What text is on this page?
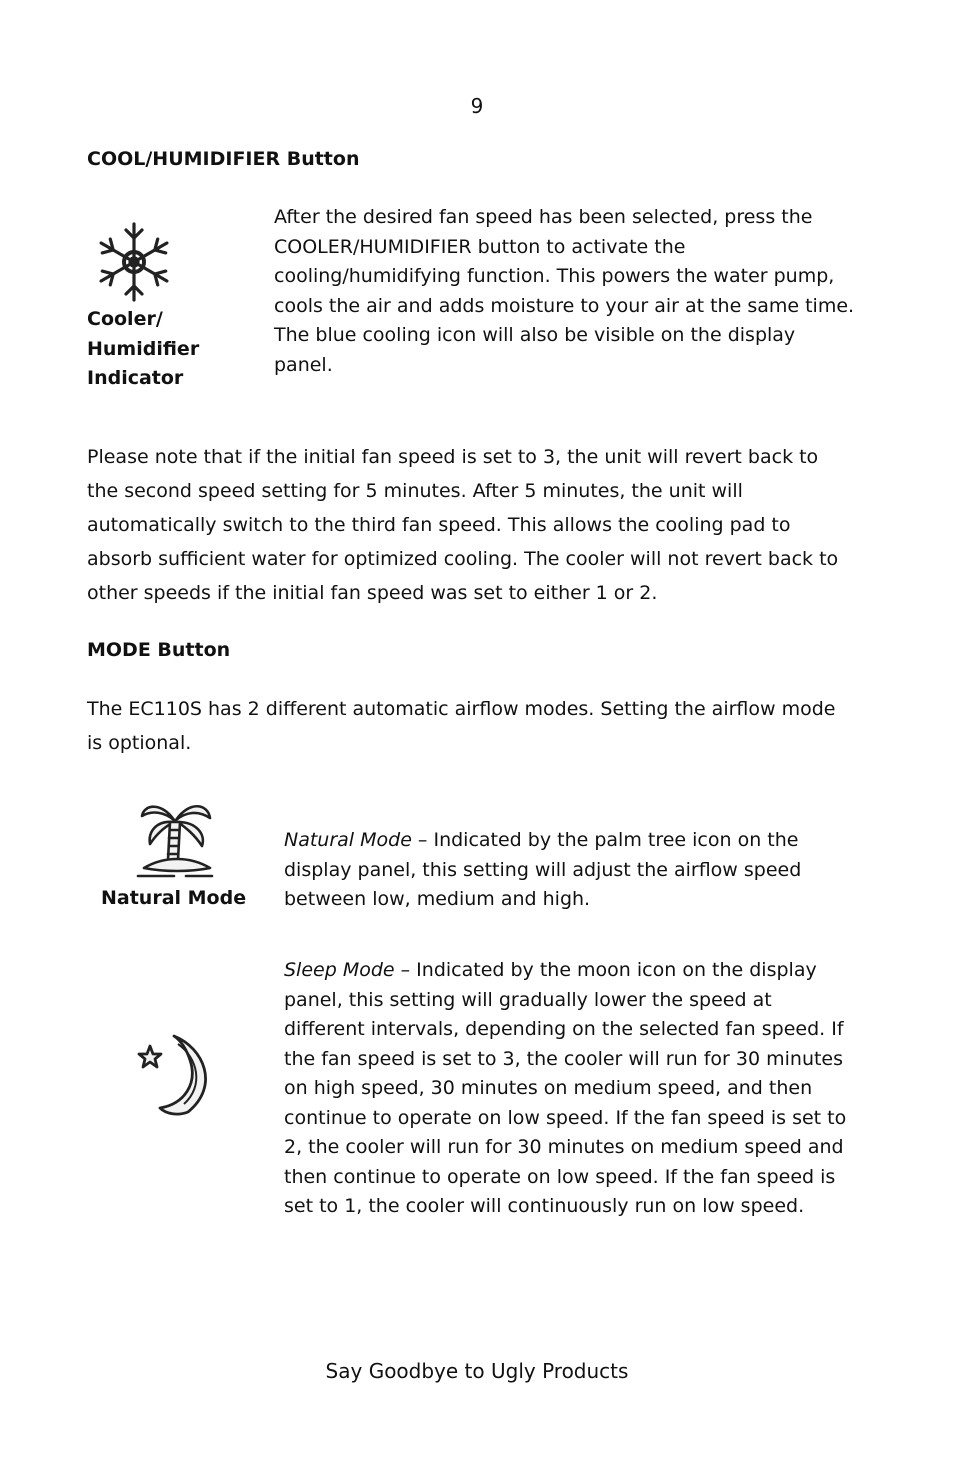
9
COOL/HUMIDIFIER Button
Cooler/
Humidifier
Indicator
After the desired fan speed has been selected, press the
COOLER/HUMIDIFIER button to activate the
cooling/humidifying function. This powers the water pump,
cools the air and adds moisture to your air at the same time.
The blue cooling icon will also be visible on the display
panel.
Please note that if the initial fan speed is set to 3, the unit will revert back to
the second speed setting for 5 minutes. After 5 minutes, the unit will
automatically switch to the third fan speed. This allows the cooling pad to
absorb sufficient water for optimized cooling. The cooler will not revert back to
other speeds if the initial fan speed was set to either 1 or 2.
MODE Button
The EC110S has 2 different automatic airflow modes. Setting the airflow mode
is optional.
Natural Mode
Natural Mode – Indicated by the palm tree icon on the
display panel, this setting will adjust the airflow speed
between low, medium and high.
Sleep Mode – Indicated by the moon icon on the display
panel, this setting will gradually lower the speed at
different intervals, depending on the selected fan speed. If
the fan speed is set to 3, the cooler will run for 30 minutes
on high speed, 30 minutes on medium speed, and then
continue to operate on low speed. If the fan speed is set to
2, the cooler will run for 30 minutes on medium speed and
then continue to operate on low speed. If the fan speed is
set to 1, the cooler will continuously run on low speed.
Say Goodbye to Ugly Products
